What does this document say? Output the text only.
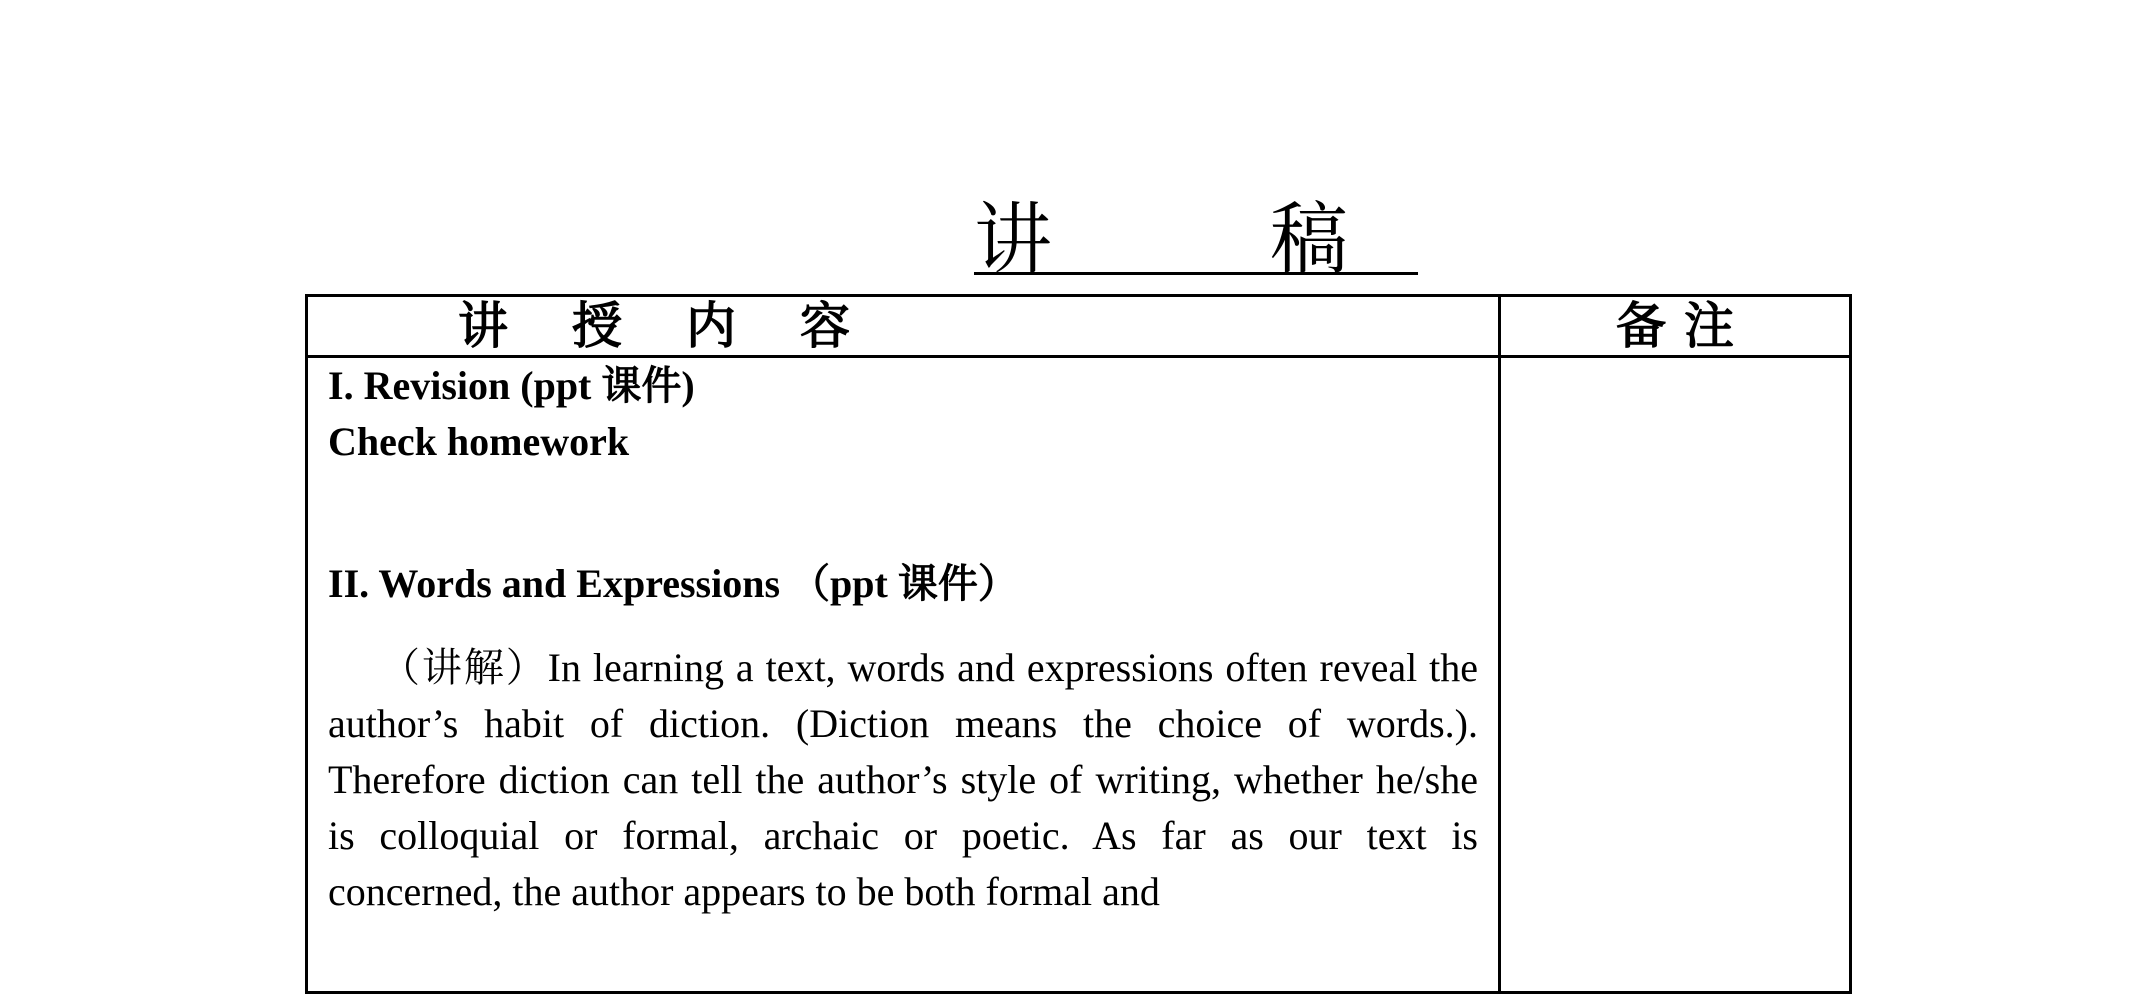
讲　稿
讲授内容	备注

I. Revision (ppt 课件)

Check homework

II. Words and Expressions （ppt 课件）

（讲解）In learning a text, words and expressions often reveal the author’s habit of diction. (Diction means the choice of words.). Therefore diction can tell the author’s style of writing, whether he/she is colloquial or formal, archaic or poetic. As far as our text is concerned, the author appears to be both formal and
